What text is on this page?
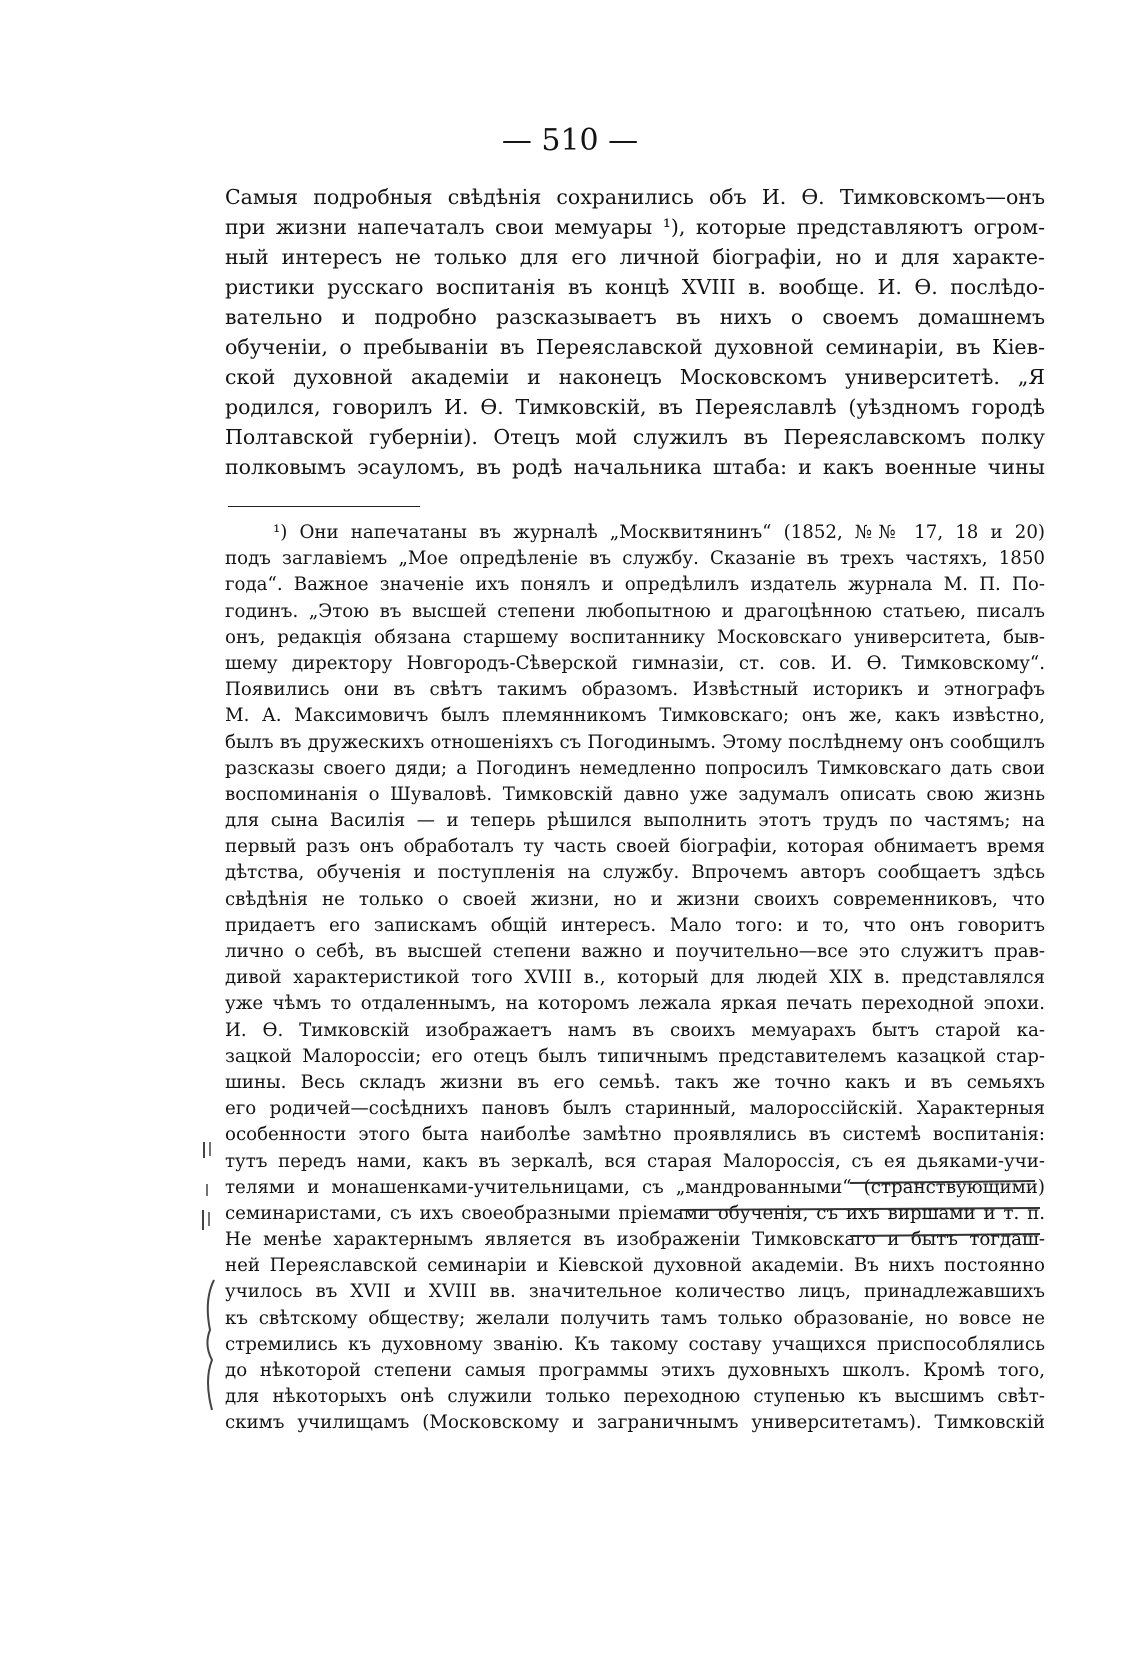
— 510 —
Самыя подробныя свѣдѣнія сохранились объ И. Ѳ. Тимковскомъ—онъ
при жизни напечаталъ свои мемуары ¹), которые представляютъ огром-
ный интересъ не только для его личной біографіи, но и для характе-
ристики русскаго воспитанія въ концѣ XVIII в. вообще. И. Ѳ. послѣдо-
вательно и подробно разсказываетъ въ нихъ о своемъ домашнемъ
обученіи, о пребываніи въ Переяславской духовной семинаріи, въ Кіев-
ской духовной академіи и наконецъ Московскомъ университетѣ. „Я
родился, говорилъ И. Ѳ. Тимковскій, въ Переяславлѣ (уѣздномъ городѣ
Полтавской губерніи). Отецъ мой служилъ въ Переяславскомъ полку
полковымъ эсауломъ, въ родѣ начальника штаба: и какъ военные чины
¹) Они напечатаны въ журналѣ „Москвитянинъ“ (1852, №№ 17, 18 и 20)
подъ заглавіемъ „Мое опредѣленіе въ службу. Сказаніе въ трехъ частяхъ, 1850
года“. Важное значеніе ихъ понялъ и опредѣлилъ издатель журнала М. П. По-
годинъ. „Этою въ высшей степени любопытною и драгоцѣнною статьею, писалъ
онъ, редакція обязана старшему воспитаннику Московскаго университета, быв-
шему директору Новгородъ-Сѣверской гимназіи, ст. сов. И. Ѳ. Тимковскому“.
Появились они въ свѣтъ такимъ образомъ. Извѣстный историкъ и этнографъ
М. А. Максимовичъ былъ племянникомъ Тимковскаго; онъ же, какъ извѣстно,
былъ въ дружескихъ отношеніяхъ съ Погодинымъ. Этому послѣднему онъ сообщилъ
разсказы своего дяди; а Погодинъ немедленно попросилъ Тимковскаго дать свои
воспоминанія о Шуваловѣ. Тимковскій давно уже задумалъ описать свою жизнь
для сына Василія — и теперь рѣшился выполнить этотъ трудъ по частямъ; на
первый разъ онъ обработалъ ту часть своей біографіи, которая обнимаетъ время
дѣтства, обученія и поступленія на службу. Впрочемъ авторъ сообщаетъ здѣсь
свѣдѣнія не только о своей жизни, но и жизни своихъ современниковъ, что
придаетъ его запискамъ общій интересъ. Мало того: и то, что онъ говоритъ
лично о себѣ, въ высшей степени важно и поучительно—все это служитъ прав-
дивой характеристикой того XVIII в., который для людей XIX в. представлялся
уже чѣмъ то отдаленнымъ, на которомъ лежала яркая печать переходной эпохи.
И. Ѳ. Тимковскій изображаетъ намъ въ своихъ мемуарахъ бытъ старой ка-
зацкой Малороссіи; его отецъ былъ типичнымъ представителемъ казацкой стар-
шины. Весь складъ жизни въ его семьѣ. такъ же точно какъ и въ семьяхъ
его родичей—сосѣднихъ пановъ былъ старинный, малороссійскій. Характерныя
особенности этого быта наиболѣе замѣтно проявлялись въ системѣ воспитанія:
тутъ передъ нами, какъ въ зеркалѣ, вся старая Малороссія, съ ея дьяками-учи-
телями и монашенками-учительницами, съ „мандрованными“ (странствующими)
семинаристами, съ ихъ своеобразными пріемами обученія, съ ихъ виршами и т. п.
Не менѣе характернымъ является въ изображеніи Тимковскаго и бытъ тогдаш-
ней Переяславской семинаріи и Кіевской духовной академіи. Въ нихъ постоянно
училось въ XVII и XVIII вв. значительное количество лицъ, принадлежавшихъ
къ свѣтскому обществу; желали получить тамъ только образованіе, но вовсе не
стремились къ духовному званію. Къ такому составу учащихся приспособлялись
до нѣкоторой степени самыя программы этихъ духовныхъ школъ. Кромѣ того,
для нѣкоторыхъ онѣ служили только переходною ступенью къ высшимъ свѣт-
скимъ училищамъ (Московскому и заграничнымъ университетамъ). Тимковскій
